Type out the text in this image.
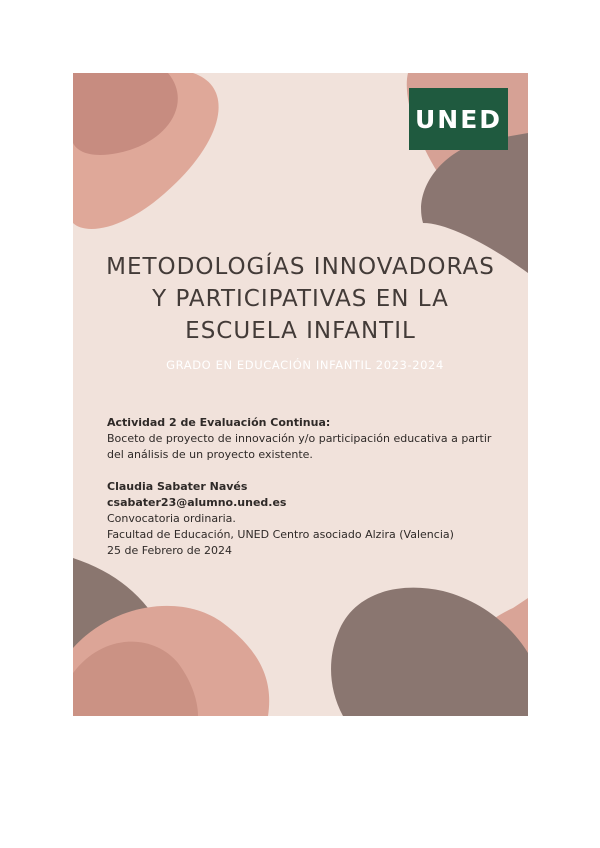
UNED
METODOLOGÍAS INNOVADORAS
Y PARTICIPATIVAS EN LA
ESCUELA INFANTIL
GRADO EN EDUCACIÓN INFANTIL 2023-2024
Actividad 2 de Evaluación Continua:
Boceto de proyecto de innovación y/o participación educativa a partir
del análisis de un proyecto existente.
Claudia Sabater Navés
csabater23@alumno.uned.es
Convocatoria ordinaria.
Facultad de Educación, UNED Centro asociado Alzira (Valencia)
25 de Febrero de 2024
